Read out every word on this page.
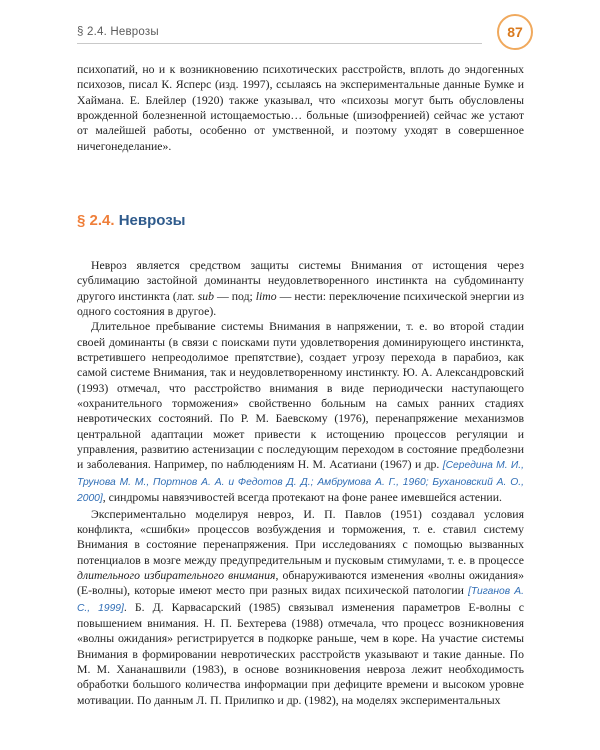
§ 2.4. Неврозы	87

психопатий, но и к возникновению психотических расстройств, вплоть до эндогенных психозов, писал К. Ясперс (изд. 1997), ссылаясь на экспериментальные данные Бумке и Хаймана. Е. Блейлер (1920) также указывал, что «психозы могут быть обусловлены врожденной болезненной истощаемостью… больные (шизофренией) сейчас же устают от малейшей работы, особенно от умственной, и поэтому уходят в совершенное ничегонеделание».

§ 2.4. Неврозы

Невроз является средством защиты системы Внимания от истощения через сублимацию застойной доминанты неудовлетворенного инстинкта на субдоминанту другого инстинкта (лат. sub — под; limo — нести: переключение психической энергии из одного состояния в другое).

Длительное пребывание системы Внимания в напряжении, т. е. во второй стадии своей доминанты (в связи с поисками пути удовлетворения доминирующего инстинкта, встретившего непреодолимое препятствие), создает угрозу перехода в парабиоз, как самой системе Внимания, так и неудовлетворенному инстинкту. Ю. А. Александровский (1993) отмечал, что расстройство внимания в виде периодически наступающего «охранительного торможения» свойственно больным на самых ранних стадиях невротических состояний. По Р. М. Баевскому (1976), перенапряжение механизмов центральной адаптации может привести к истощению процессов регуляции и управления, развитию астенизации с последующим переходом в состояние предболезни и заболевания. Например, по наблюдениям Н. М. Асатиани (1967) и др. [Середина М. И., Трунова М. М., Портнов А. А. и Федотов Д. Д.; Амбрумова А. Г., 1960; Бухановский А. О., 2000], синдромы навязчивостей всегда протекают на фоне ранее имевшейся астении.

Экспериментально моделируя невроз, И. П. Павлов (1951) создавал условия конфликта, «сшибки» процессов возбуждения и торможения, т. е. ставил систему Внимания в состояние перенапряжения. При исследованиях с помощью вызванных потенциалов в мозге между предупредительным и пусковым стимулами, т. е. в процессе длительного избирательного внимания, обнаруживаются изменения «волны ожидания» (Е-волны), которые имеют место при разных видах психической патологии [Тиганов А. С., 1999]. Б. Д. Карвасарский (1985) связывал изменения параметров Е-волны с повышением внимания. Н. П. Бехтерева (1988) отмечала, что процесс возникновения «волны ожидания» регистрируется в подкорке раньше, чем в коре. На участие системы Внимания в формировании невротических расстройств указывают и такие данные. По М. М. Хананашвили (1983), в основе возникновения невроза лежит необходимость обработки большого количества информации при дефиците времени и высоком уровне мотивации. По данным Л. П. Прилипко и др. (1982), на моделях экспериментальных
